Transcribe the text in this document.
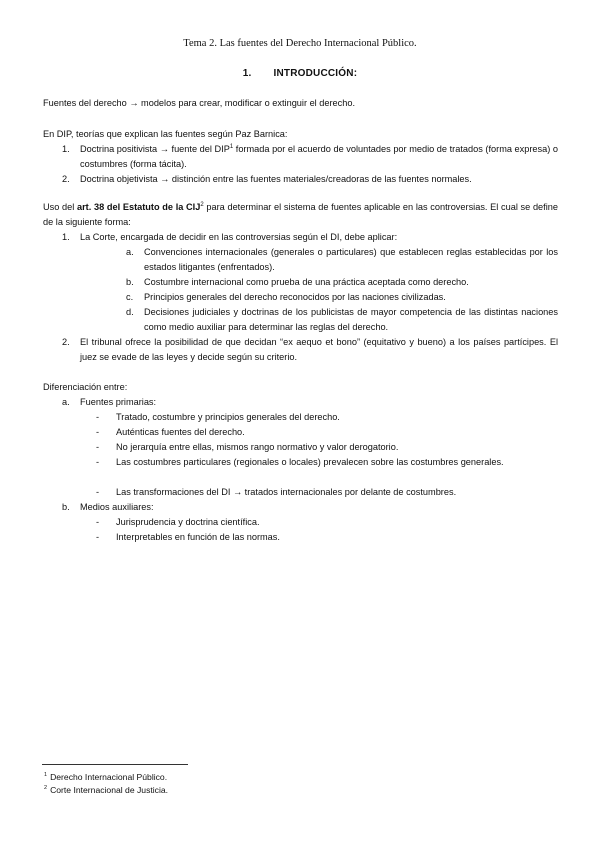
Tema 2. Las fuentes del Derecho Internacional Público.
1. INTRODUCCIÓN:
Fuentes del derecho → modelos para crear, modificar o extinguir el derecho.
En DIP, teorías que explican las fuentes según Paz Barnica:
1. Doctrina positivista → fuente del DIP$^1$ formada por el acuerdo de voluntades por medio de tratados (forma expresa) o costumbres (forma tácita).
2. Doctrina objetivista → distinción entre las fuentes materiales/creadoras de las fuentes normales.
Uso del art. 38 del Estatuto de la CIJ$^2$ para determinar el sistema de fuentes aplicable en las controversias. El cual se define de la siguiente forma:
1. La Corte, encargada de decidir en las controversias según el DI, debe aplicar:
a. Convenciones internacionales (generales o particulares) que establecen reglas establecidas por los estados litigantes (enfrentados).
b. Costumbre internacional como prueba de una práctica aceptada como derecho.
c. Principios generales del derecho reconocidos por las naciones civilizadas.
d. Decisiones judiciales y doctrinas de los publicistas de mayor competencia de las distintas naciones como medio auxiliar para determinar las reglas del derecho.
2. El tribunal ofrece la posibilidad de que decidan “ex aequo et bono” (equitativo y bueno) a los países partícipes. El juez se evade de las leyes y decide según su criterio.
Diferenciación entre:
a. Fuentes primarias:
- Tratado, costumbre y principios generales del derecho.
- Auténticas fuentes del derecho.
- No jerarquía entre ellas, mismos rango normativo y valor derogatorio.
- Las costumbres particulares (regionales o locales) prevalecen sobre las costumbres generales.
- Las transformaciones del DI → tratados internacionales por delante de costumbres.
b. Medios auxiliares:
- Jurisprudencia y doctrina científica.
- Interpretables en función de las normas.
$^1$ Derecho Internacional Público.
$^2$ Corte Internacional de Justicia.
